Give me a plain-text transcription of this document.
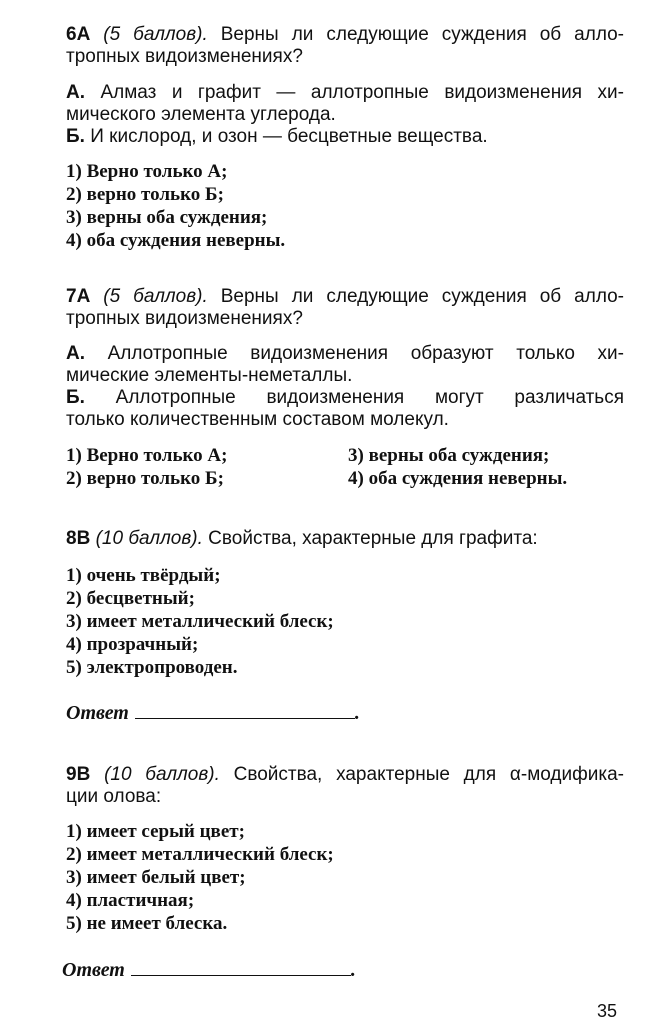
6А (5 баллов). Верны ли следующие суждения об алло-

тропных видоизменениях?

А. Алмаз и графит — аллотропные видоизменения хи-

мического элемента углерода.

Б. И кислород, и озон — бесцветные вещества.

1) Верно только А;
2) верно только Б;
3) верны оба суждения;
4) оба суждения неверны.

7А (5 баллов). Верны ли следующие суждения об алло-

тропных видоизменениях?

А. Аллотропные видоизменения образуют только хи-

мические элементы-неметаллы.

Б. Аллотропные видоизменения могут различаться

только количественным составом молекул.

1) Верно только А;	3) верны оба суждения;
2) верно только Б;	4) оба суждения неверны.

8В (10 баллов). Свойства, характерные для графита:

1) очень твёрдый;
2) бесцветный;
3) имеет металлический блеск;
4) прозрачный;
5) электропроводен.
Ответ	.

9В (10 баллов). Свойства, характерные для α-модифика-

ции олова:

1) имеет серый цвет;
2) имеет металлический блеск;
3) имеет белый цвет;
4) пластичная;
5) не имеет блеска.
Ответ	.
35
